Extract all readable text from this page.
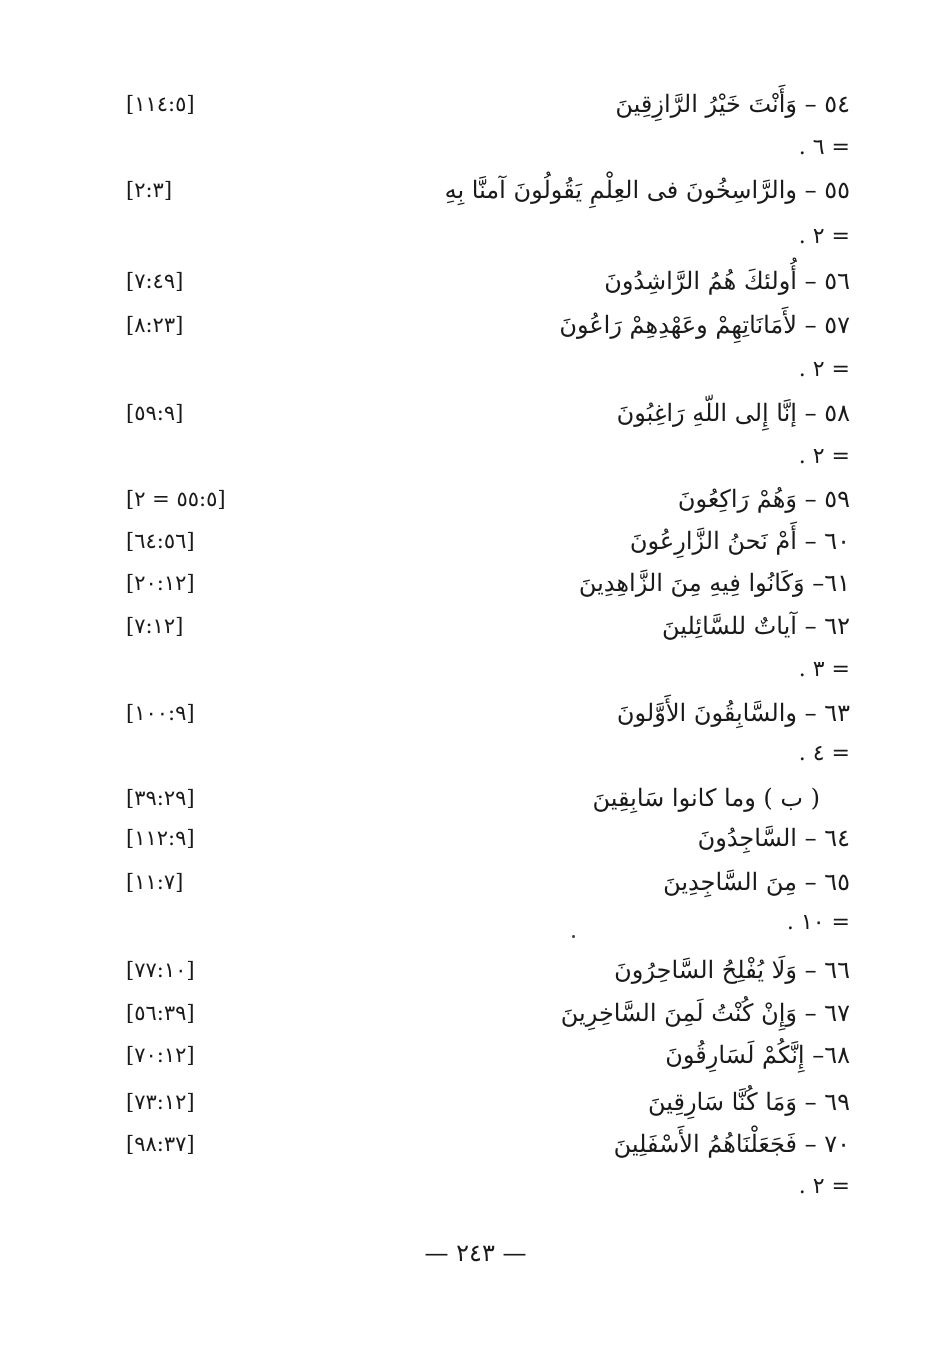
٥٤ – وَأَنْتَ خَيْرُ الرَّازِقِينَ
[١١٤:٥]
= ٦ .
٥٥ – والرَّاسِخُونَ فى العِلْمِ يَقُولُونَ آمنَّا بِهِ
[٢:٣]
= ٢ .
٥٦ – أُولئكَ هُمُ الرَّاشِدُونَ
[٧:٤٩]
٥٧ – لأَمَانَاتِهِمْ وعَهْدِهِمْ رَاعُونَ
[٨:٢٣]
= ٢ .
٥٨ – إنَّا إِلى اللّهِ رَاغِبُونَ
[٥٩:٩]
= ٢ .
٥٩ – وَهُمْ رَاكِعُونَ
[٥٥:٥ = ٢]
٦٠ – أَمْ نَحنُ الزَّارِعُونَ
[٦٤:٥٦]
٦١– وَكَانُوا فِيهِ مِنَ الزَّاهِدِينَ
[٢٠:١٢]
٦٢ – آياتٌ للسَّائِلينَ
[٧:١٢]
= ٣ .
٦٣ – والسَّابِقُونَ الأَوَّلونَ
[١٠٠:٩]
= ٤ .
( ب ) وما كانوا سَابِقِينَ
[٣٩:٢٩]
٦٤ – السَّاجِدُونَ
[١١٢:٩]
٦٥ – مِنَ السَّاجِدِينَ
[١١:٧]
= ١٠ .
٦٦ – وَلَا يُفْلِحُ السَّاحِرُونَ
[٧٧:١٠]
٦٧ – وَإِنْ كُنْتُ لَمِنَ السَّاخِرِينَ
[٥٦:٣٩]
٦٨– إِنَّكُمْ لَسَارِقُونَ
[٧٠:١٢]
٦٩ – وَمَا كُنَّا سَارِقِينَ
[٧٣:١٢]
٧٠ – فَجَعَلْنَاهُمُ الأَسْفَلِينَ
[٩٨:٣٧]
= ٢ .
— ٢٤٣ —
